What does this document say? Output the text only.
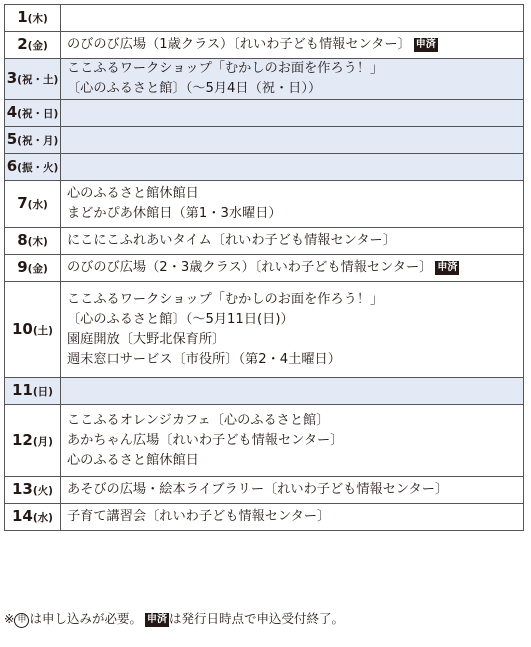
1(木)	

2(金)	のびのび広場（1歳クラス）〔れいわ子ども情報センター〕 申済

3(祝・土)	ここふるワークショップ「むかしのお面を作ろう！」
〔心のふるさと館〕（～5月4日（祝・日））

4(祝・日)	

5(祝・月)	

6(振・火)	

7(水)	心のふるさと館休館日
まどかぴあ休館日（第1・3水曜日）

8(木)	にこにこふれあいタイム〔れいわ子ども情報センター〕

9(金)	のびのび広場（2・3歳クラス）〔れいわ子ども情報センター〕 申済

10(土)	ここふるワークショップ「むかしのお面を作ろう！」
〔心のふるさと館〕（～5月11日(日)）
園庭開放〔大野北保育所〕
週末窓口サービス〔市役所〕（第2・4土曜日）

11(日)	

12(月)	ここふるオレンジカフェ〔心のふるさと館〕
あかちゃん広場〔れいわ子ども情報センター〕
心のふるさと館休館日

13(火)	あそびの広場・絵本ライブラリー〔れいわ子ども情報センター〕

14(水)	子育て講習会〔れいわ子ども情報センター〕
※ 申 は申し込みが必要。 申済 は発行日時点で申込受付終了。
